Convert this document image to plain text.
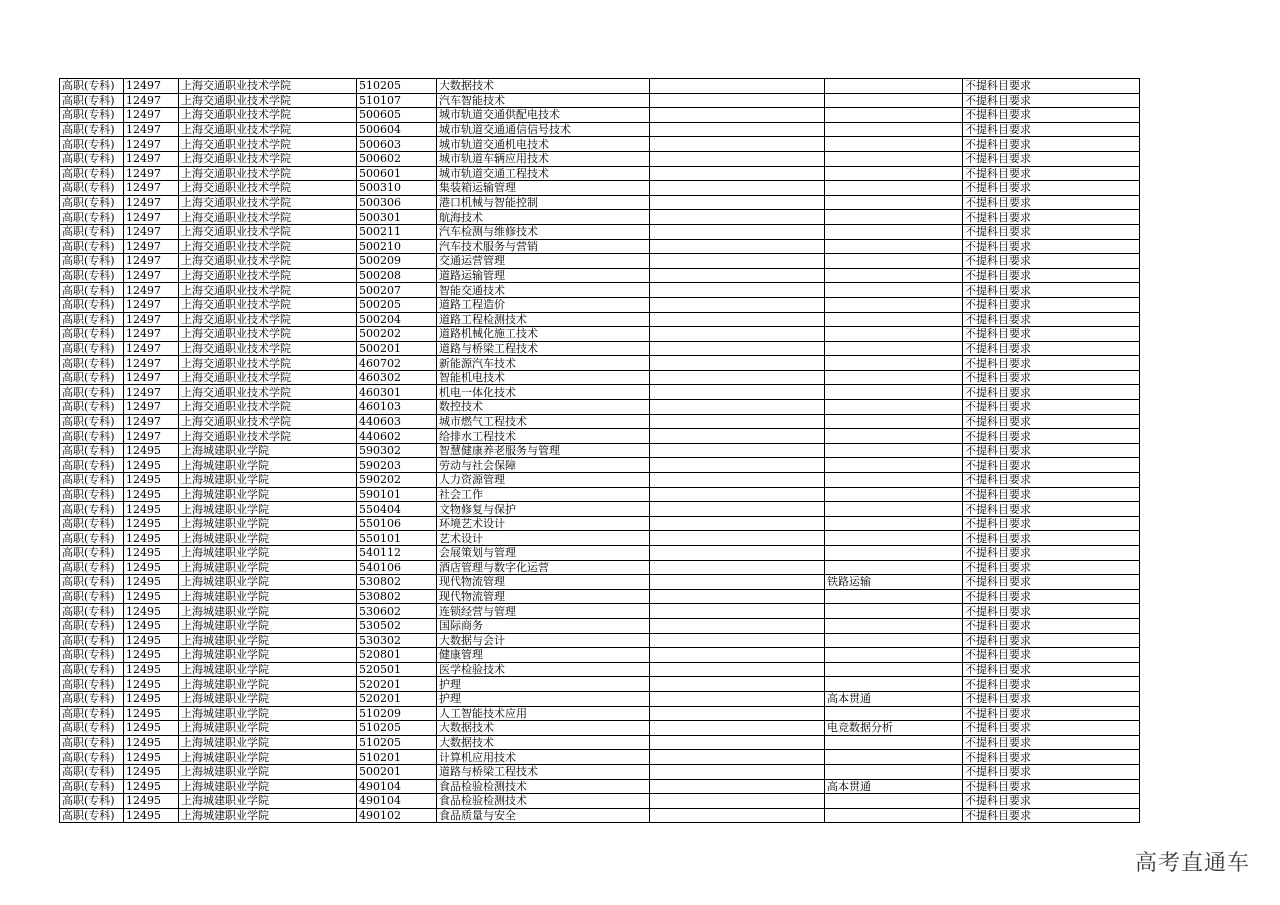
高职(专科)	12497	上海交通职业技术学院	510205	大数据技术			不提科目要求
高职(专科)	12497	上海交通职业技术学院	510107	汽车智能技术			不提科目要求
高职(专科)	12497	上海交通职业技术学院	500605	城市轨道交通供配电技术			不提科目要求
高职(专科)	12497	上海交通职业技术学院	500604	城市轨道交通通信信号技术			不提科目要求
高职(专科)	12497	上海交通职业技术学院	500603	城市轨道交通机电技术			不提科目要求
高职(专科)	12497	上海交通职业技术学院	500602	城市轨道车辆应用技术			不提科目要求
高职(专科)	12497	上海交通职业技术学院	500601	城市轨道交通工程技术			不提科目要求
高职(专科)	12497	上海交通职业技术学院	500310	集装箱运输管理			不提科目要求
高职(专科)	12497	上海交通职业技术学院	500306	港口机械与智能控制			不提科目要求
高职(专科)	12497	上海交通职业技术学院	500301	航海技术			不提科目要求
高职(专科)	12497	上海交通职业技术学院	500211	汽车检测与维修技术			不提科目要求
高职(专科)	12497	上海交通职业技术学院	500210	汽车技术服务与营销			不提科目要求
高职(专科)	12497	上海交通职业技术学院	500209	交通运营管理			不提科目要求
高职(专科)	12497	上海交通职业技术学院	500208	道路运输管理			不提科目要求
高职(专科)	12497	上海交通职业技术学院	500207	智能交通技术			不提科目要求
高职(专科)	12497	上海交通职业技术学院	500205	道路工程造价			不提科目要求
高职(专科)	12497	上海交通职业技术学院	500204	道路工程检测技术			不提科目要求
高职(专科)	12497	上海交通职业技术学院	500202	道路机械化施工技术			不提科目要求
高职(专科)	12497	上海交通职业技术学院	500201	道路与桥梁工程技术			不提科目要求
高职(专科)	12497	上海交通职业技术学院	460702	新能源汽车技术			不提科目要求
高职(专科)	12497	上海交通职业技术学院	460302	智能机电技术			不提科目要求
高职(专科)	12497	上海交通职业技术学院	460301	机电一体化技术			不提科目要求
高职(专科)	12497	上海交通职业技术学院	460103	数控技术			不提科目要求
高职(专科)	12497	上海交通职业技术学院	440603	城市燃气工程技术			不提科目要求
高职(专科)	12497	上海交通职业技术学院	440602	给排水工程技术			不提科目要求
高职(专科)	12495	上海城建职业学院	590302	智慧健康养老服务与管理			不提科目要求
高职(专科)	12495	上海城建职业学院	590203	劳动与社会保障			不提科目要求
高职(专科)	12495	上海城建职业学院	590202	人力资源管理			不提科目要求
高职(专科)	12495	上海城建职业学院	590101	社会工作			不提科目要求
高职(专科)	12495	上海城建职业学院	550404	文物修复与保护			不提科目要求
高职(专科)	12495	上海城建职业学院	550106	环境艺术设计			不提科目要求
高职(专科)	12495	上海城建职业学院	550101	艺术设计			不提科目要求
高职(专科)	12495	上海城建职业学院	540112	会展策划与管理			不提科目要求
高职(专科)	12495	上海城建职业学院	540106	酒店管理与数字化运营			不提科目要求
高职(专科)	12495	上海城建职业学院	530802	现代物流管理		铁路运输	不提科目要求
高职(专科)	12495	上海城建职业学院	530802	现代物流管理			不提科目要求
高职(专科)	12495	上海城建职业学院	530602	连锁经营与管理			不提科目要求
高职(专科)	12495	上海城建职业学院	530502	国际商务			不提科目要求
高职(专科)	12495	上海城建职业学院	530302	大数据与会计			不提科目要求
高职(专科)	12495	上海城建职业学院	520801	健康管理			不提科目要求
高职(专科)	12495	上海城建职业学院	520501	医学检验技术			不提科目要求
高职(专科)	12495	上海城建职业学院	520201	护理			不提科目要求
高职(专科)	12495	上海城建职业学院	520201	护理		高本贯通	不提科目要求
高职(专科)	12495	上海城建职业学院	510209	人工智能技术应用			不提科目要求
高职(专科)	12495	上海城建职业学院	510205	大数据技术		电竞数据分析	不提科目要求
高职(专科)	12495	上海城建职业学院	510205	大数据技术			不提科目要求
高职(专科)	12495	上海城建职业学院	510201	计算机应用技术			不提科目要求
高职(专科)	12495	上海城建职业学院	500201	道路与桥梁工程技术			不提科目要求
高职(专科)	12495	上海城建职业学院	490104	食品检验检测技术		高本贯通	不提科目要求
高职(专科)	12495	上海城建职业学院	490104	食品检验检测技术			不提科目要求
高职(专科)	12495	上海城建职业学院	490102	食品质量与安全			不提科目要求
高考直通车
